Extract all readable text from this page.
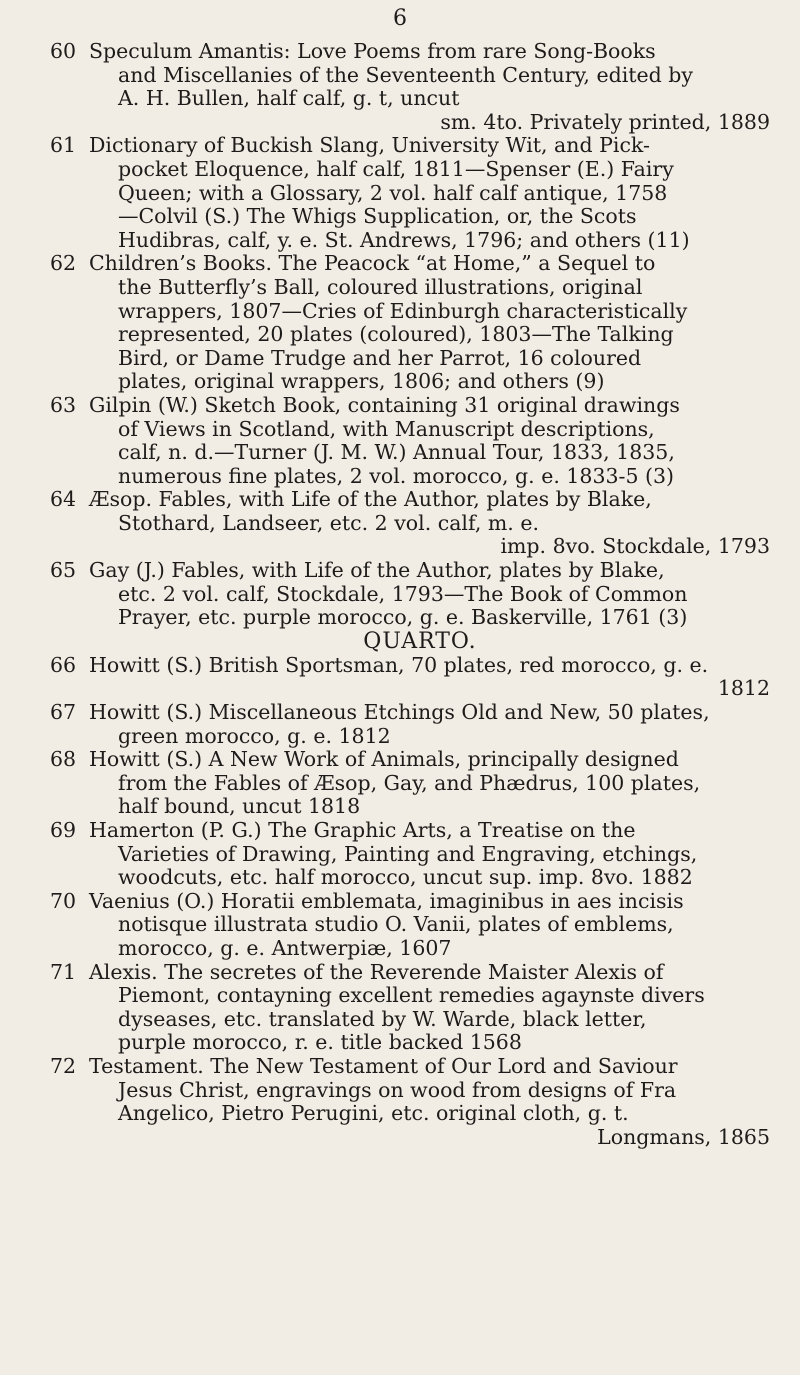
6
60 Speculum Amantis: Love Poems from rare Song-Books
and Miscellanies of the Seventeenth Century, edited by
A. H. Bullen, half calf, g. t, uncut
sm. 4to. Privately printed, 1889
61 Dictionary of Buckish Slang, University Wit, and Pick-
pocket Eloquence, half calf, 1811—Spenser (E.) Fairy
Queen; with a Glossary, 2 vol. half calf antique, 1758
—Colvil (S.) The Whigs Supplication, or, the Scots
Hudibras, calf, y. e. St. Andrews, 1796; and others (11)
62 Children’s Books. The Peacock “at Home,” a Sequel to
the Butterfly’s Ball, coloured illustrations, original
wrappers, 1807—Cries of Edinburgh characteristically
represented, 20 plates (coloured), 1803—The Talking
Bird, or Dame Trudge and her Parrot, 16 coloured
plates, original wrappers, 1806; and others (9)
63 Gilpin (W.) Sketch Book, containing 31 original drawings
of Views in Scotland, with Manuscript descriptions,
calf, n. d.—Turner (J. M. W.) Annual Tour, 1833, 1835,
numerous fine plates, 2 vol. morocco, g. e. 1833-5 (3)
64 Æsop. Fables, with Life of the Author, plates by Blake,
Stothard, Landseer, etc. 2 vol. calf, m. e.
imp. 8vo. Stockdale, 1793
65 Gay (J.) Fables, with Life of the Author, plates by Blake,
etc. 2 vol. calf, Stockdale, 1793—The Book of Common
Prayer, etc. purple morocco, g. e. Baskerville, 1761 (3)
QUARTO.
66 Howitt (S.) British Sportsman, 70 plates, red morocco, g. e.
1812
67 Howitt (S.) Miscellaneous Etchings Old and New, 50 plates,
green morocco, g. e. 1812
68 Howitt (S.) A New Work of Animals, principally designed
from the Fables of Æsop, Gay, and Phædrus, 100 plates,
half bound, uncut 1818
69 Hamerton (P. G.) The Graphic Arts, a Treatise on the
Varieties of Drawing, Painting and Engraving, etchings,
woodcuts, etc. half morocco, uncut sup. imp. 8vo. 1882
70 Vaenius (O.) Horatii emblemata, imaginibus in aes incisis
notisque illustrata studio O. Vanii, plates of emblems,
morocco, g. e. Antwerpiæ, 1607
71 Alexis. The secretes of the Reverende Maister Alexis of
Piemont, contayning excellent remedies agaynste divers
dyseases, etc. translated by W. Warde, black letter,
purple morocco, r. e. title backed 1568
72 Testament. The New Testament of Our Lord and Saviour
Jesus Christ, engravings on wood from designs of Fra
Angelico, Pietro Perugini, etc. original cloth, g. t.
Longmans, 1865
